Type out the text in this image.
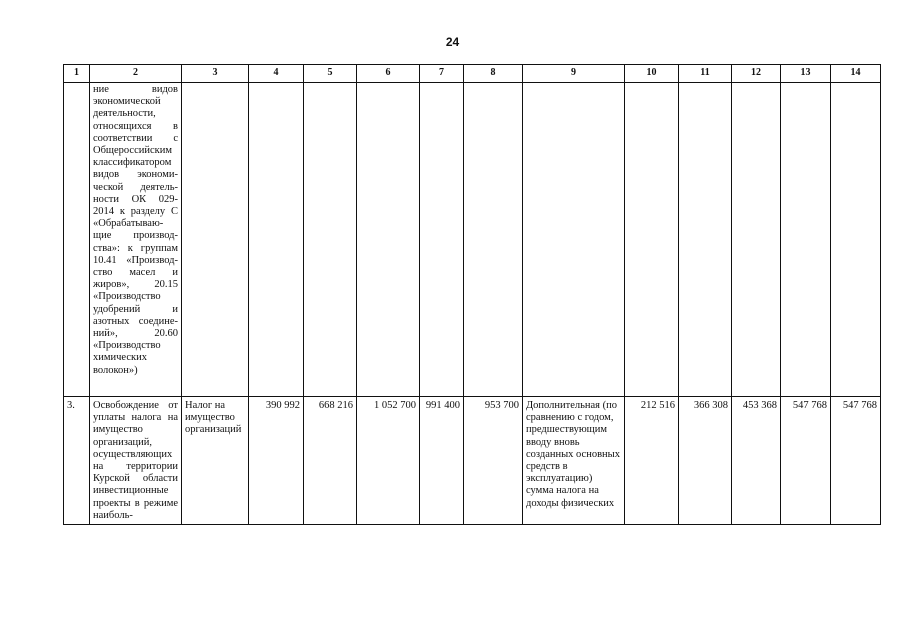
24
1	2	3	4	5	6	7	8	9	10	11	12	13	14
	ние видов экономической деятельности, относящихся в соответствии с Общероссийским классификатором видов экономи-ческой деятель-ности ОК 029-2014 к разделу С «Обрабатываю-щие производ-ства»: к группам 10.41 «Производ-ство масел и жиров», 20.15 «Производство удобрений и азотных соедине-ний», 20.60 «Производство химических волокон»)												
3.	Освобождение от уплаты налога на имущество организаций, осуществляющих на территории Курской области инвестиционные проекты в режиме наиболь-	Налог на имущество организаций	390 992	668 216	1 052 700	991 400	953 700	Дополнительная (по сравнению с годом, предшествующим вводу вновь созданных основных средств в эксплуатацию) сумма налога на доходы физических	212 516	366 308	453 368	547 768	547 768
